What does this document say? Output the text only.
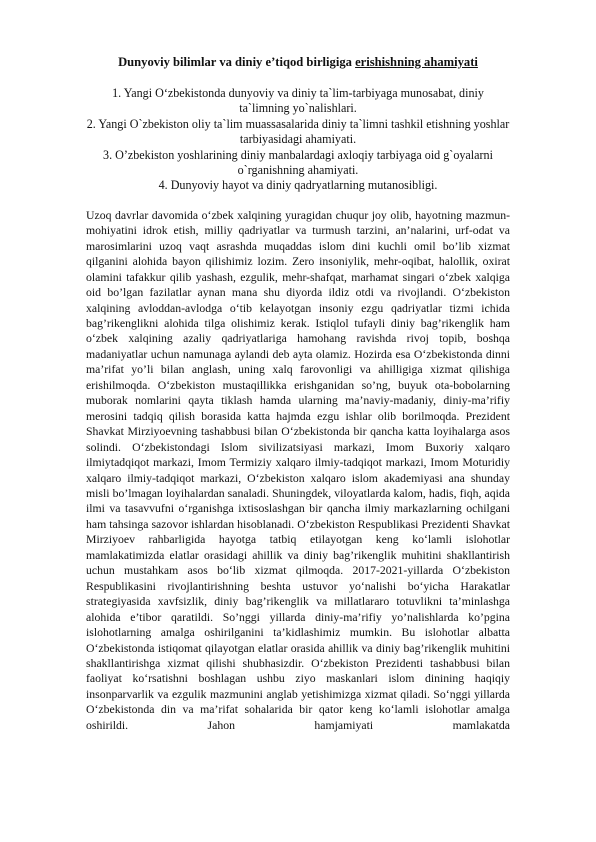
Dunyoviy bilimlar va diniy e’tiqod birligiga erishishning ahamiyati
1. Yangi O‘zbekistonda dunyoviy va diniy ta`lim-tarbiyaga munosabat, diniy ta`limning yo`nalishlari.
2. Yangi O`zbekiston oliy ta`lim muassasalarida diniy ta`limni tashkil etishning yoshlar tarbiyasidagi ahamiyati.
3. O’zbekiston yoshlarining diniy manbalardagi axloqiy tarbiyaga oid g`oyalarni o`rganishning ahamiyati.
4. Dunyoviy hayot va diniy qadryatlarning mutanosibligi.

Uzoq davrlar davomida o‘zbek xalqining yuragidan chuqur joy olib, hayotning mazmun-mohiyatini idrok etish, milliy qadriyatlar va turmush tarzini, an’nalarini, urf-odat va marosimlarini uzoq vaqt asrashda muqaddas islom dini kuchli omil bo’lib xizmat qilganini alohida bayon qilishimiz lozim. Zero insoniylik, mehr-oqibat, halollik, oxirat olamini tafakkur qilib yashash, ezgulik, mehr-shafqat, marhamat singari o‘zbek xalqiga oid bo’lgan fazilatlar aynan mana shu diyorda ildiz otdi va rivojlandi. O‘zbekiston xalqining avloddan-avlodga o‘tib kelayotgan insoniy ezgu qadriyatlar tizmi ichida bag’rikenglikni alohida tilga olishimiz kerak. Istiqlol tufayli diniy bag’rikenglik ham o‘zbek xalqining azaliy qadriyatlariga hamohang ravishda rivoj topib, boshqa madaniyatlar uchun namunaga aylandi deb ayta olamiz. Hozirda esa O‘zbekistonda dinni ma’rifat yo’li bilan anglash, uning xalq farovonligi va ahilligiga xizmat qilishiga erishilmoqda. O‘zbekiston mustaqillikka erishganidan so’ng, buyuk ota-bobolarning muborak nomlarini qayta tiklash hamda ularning ma’naviy-madaniy, diniy-ma’rifiy merosini tadqiq qilish borasida katta hajmda ezgu ishlar olib borilmoqda. Prezident Shavkat Mirziyoevning tashabbusi bilan O‘zbekistonda bir qancha katta loyihalarga asos solindi. O‘zbekistondagi Islom sivilizatsiyasi markazi, Imom Buxoriy xalqaro ilmiytadqiqot markazi, Imom Termiziy xalqaro ilmiy-tadqiqot markazi, Imom Moturidiy xalqaro ilmiy-tadqiqot markazi, O‘zbekiston xalqaro islom akademiyasi ana shunday misli bo’lmagan loyihalardan sanaladi. Shuningdek, viloyatlarda kalom, hadis, fiqh, aqida ilmi va tasavvufni o‘rganishga ixtisoslashgan bir qancha ilmiy markazlarning ochilgani ham tahsinga sazovor ishlardan hisoblanadi. O‘zbekiston Respublikasi Prezidenti Shavkat Mirziyoev rahbarligida hayotga tatbiq etilayotgan keng ko‘lamli islohotlar mamlakatimizda elatlar orasidagi ahillik va diniy bag’rikenglik muhitini shakllantirish uchun mustahkam asos bo‘lib xizmat qilmoqda. 2017-2021-yillarda O‘zbekiston Respublikasini rivojlantirishning beshta ustuvor yo‘nalishi bo‘yicha Harakatlar strategiyasida xavfsizlik, diniy bag’rikenglik va millatlararo totuvlikni ta’minlashga alohida e’tibor qaratildi. So’nggi yillarda diniy-ma’rifiy yo’nalishlarda ko’pgina islohotlarning amalga oshirilganini ta’kidlashimiz mumkin. Bu islohotlar albatta O‘zbekistonda istiqomat qilayotgan elatlar orasida ahillik va diniy bag’rikenglik muhitini shakllantirishga xizmat qilishi shubhasizdir. O‘zbekiston Prezidenti tashabbusi bilan faoliyat ko‘rsatishni boshlagan ushbu ziyo maskanlari islom dinining haqiqiy insonparvarlik va ezgulik mazmunini anglab yetishimizga xizmat qiladi. So‘nggi yillarda O‘zbekistonda din va ma’rifat sohalarida bir qator keng ko‘lamli islohotlar amalga oshirildi. Jahon hamjamiyati mamlakatda
